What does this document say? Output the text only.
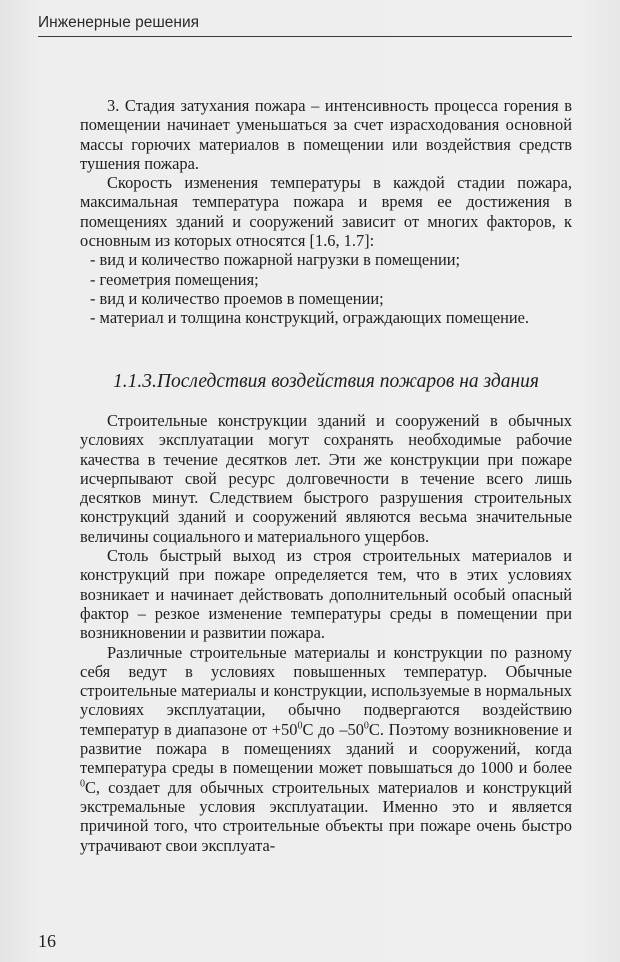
Инженерные решения

3. Стадия затухания пожара – интенсивность процесса горения в помещении начинает уменьшаться за счет израсходования основной массы горючих материалов в помещении или воздействия средств тушения пожара.

Скорость изменения температуры в каждой стадии пожара, максимальная температура пожара и время ее достижения в помещениях зданий и сооружений зависит от многих факторов, к основным из которых относятся [1.6, 1.7]:

- вид и количество пожарной нагрузки в помещении;

- геометрия помещения;

- вид и количество проемов в помещении;

- материал и толщина конструкций, ограждающих помещение.

1.1.3.Последствия воздействия пожаров на здания

Строительные конструкции зданий и сооружений в обычных условиях эксплуатации могут сохранять необходимые рабочие качества в течение десятков лет. Эти же конструкции при пожаре исчерпывают свой ресурс долговечности в течение всего лишь десятков минут. Следствием быстрого разрушения строительных конструкций зданий и сооружений являются весьма значительные величины социального и материального ущербов.

Столь быстрый выход из строя строительных материалов и конструкций при пожаре определяется тем, что в этих условиях возникает и начинает действовать дополнительный особый опасный фактор – резкое изменение температуры среды в помещении при возникновении и развитии пожара.

Различные строительные материалы и конструкции по разному себя ведут в условиях повышенных температур. Обычные строительные материалы и конструкции, используемые в нормальных условиях эксплуатации, обычно подвергаются воздействию температур в диапазоне от $+50^0С$ до $-50^0С$. Поэтому возникновение и развитие пожара в помещениях зданий и сооружений, когда температура среды в помещении может повышаться до 1000 и более $^0$С, создает для обычных строительных материалов и конструкций экстремальные условия эксплуатации. Именно это и является причиной того, что строительные объекты при пожаре очень быстро утрачивают свои эксплуата-

16
